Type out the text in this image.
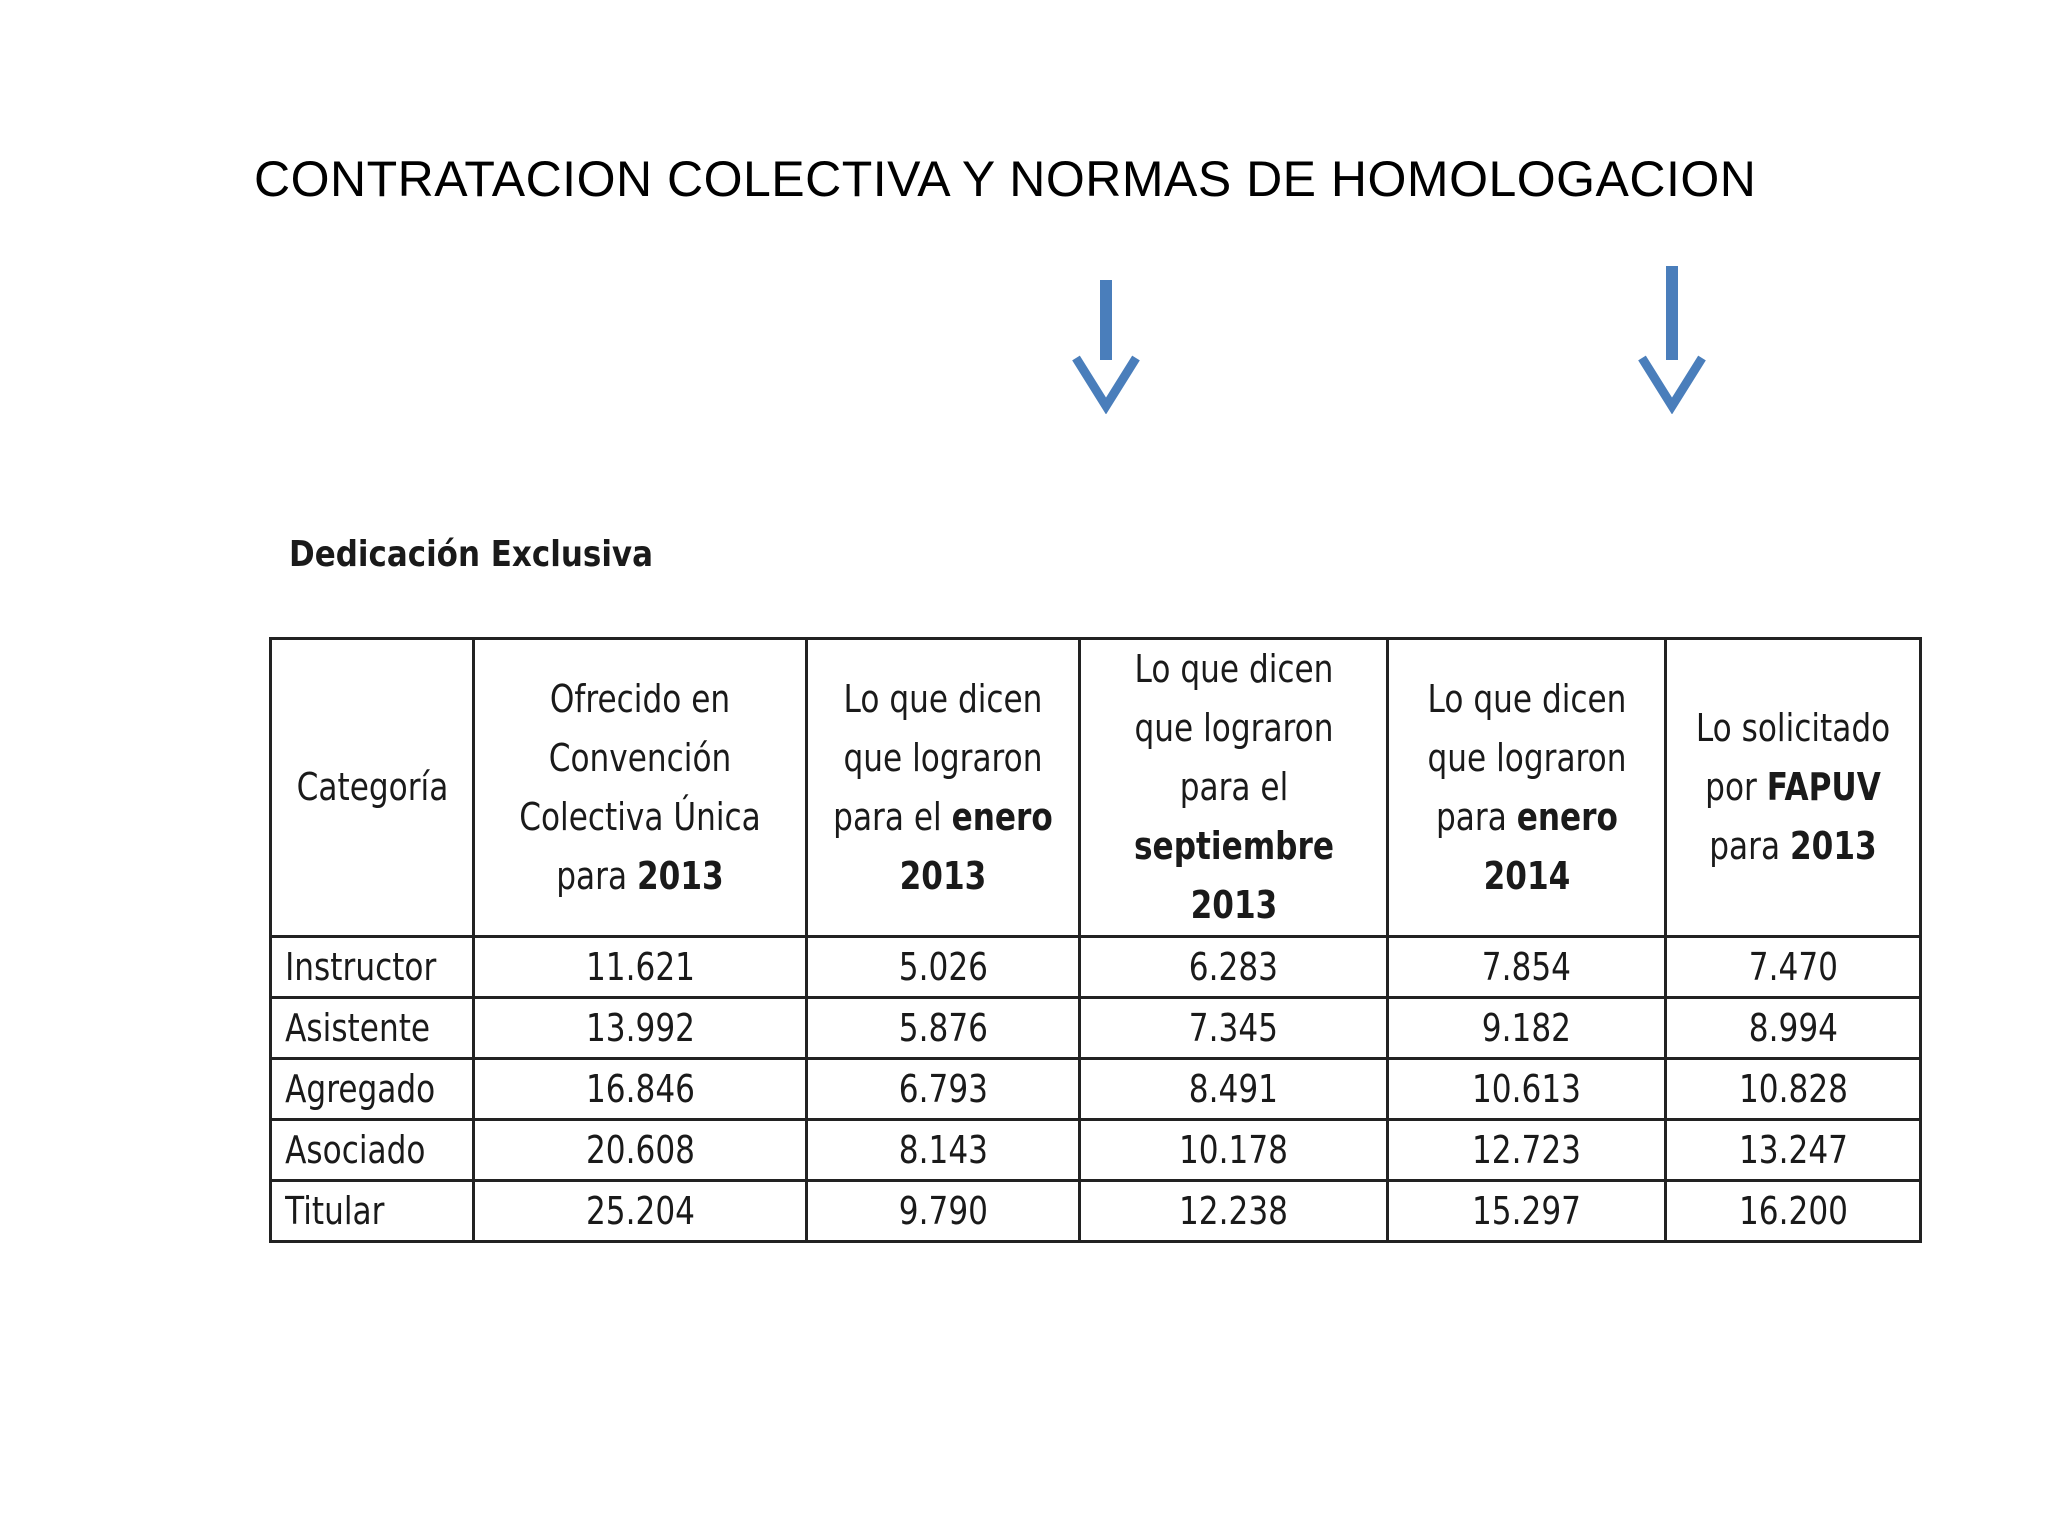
CONTRATACION COLECTIVA Y NORMAS DE HOMOLOGACION
Dedicación Exclusiva
Categoría	Ofrecido en Convención Colectiva Única para 2013	Lo que dicen que lograron para el enero 2013	Lo que dicen que lograron para el septiembre 2013	Lo que dicen que lograron para enero 2014	Lo solicitado por FAPUV para 2013
Instructor	11.621	5.026	6.283	7.854	7.470
Asistente	13.992	5.876	7.345	9.182	8.994
Agregado	16.846	6.793	8.491	10.613	10.828
Asociado	20.608	8.143	10.178	12.723	13.247
Titular	25.204	9.790	12.238	15.297	16.200
